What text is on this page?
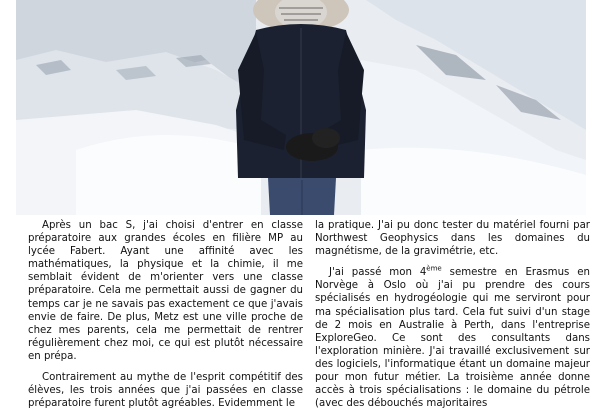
Après un bac S, j'ai choisi d'entrer en classe préparatoire aux grandes écoles en filière MP au lycée Fabert. Ayant une affinité avec les mathématiques, la physique et la chimie, il me semblait évident de m'orienter vers une classe préparatoire. Cela me permettait aussi de gagner du temps car je ne savais pas exactement ce que j'avais envie de faire. De plus, Metz est une ville proche de chez mes parents, cela me permettait de rentrer régulièrement chez moi, ce qui est plutôt nécessaire en prépa.

Contrairement au mythe de l'esprit compétitif des élèves, les trois années que j'ai passées en classe préparatoire furent plutôt agréables. Evidemment le

la pratique. J'ai pu donc tester du matériel fourni par Northwest Geophysics dans les domaines du magnétisme, de la gravimétrie, etc.

J'ai passé mon 4ème semestre en Erasmus en Norvège à Oslo où j'ai pu prendre des cours spécialisés en hydrogéologie qui me serviront pour ma spécialisation plus tard. Cela fut suivi d'un stage de 2 mois en Australie à Perth, dans l'entreprise ExploreGeo. Ce sont des consultants dans l'exploration minière. J'ai travaillé exclusivement sur des logiciels, l'informatique étant un domaine majeur pour mon futur métier. La troisième année donne accès à trois spécialisations : le domaine du pétrole (avec des débouchés majoritaires
